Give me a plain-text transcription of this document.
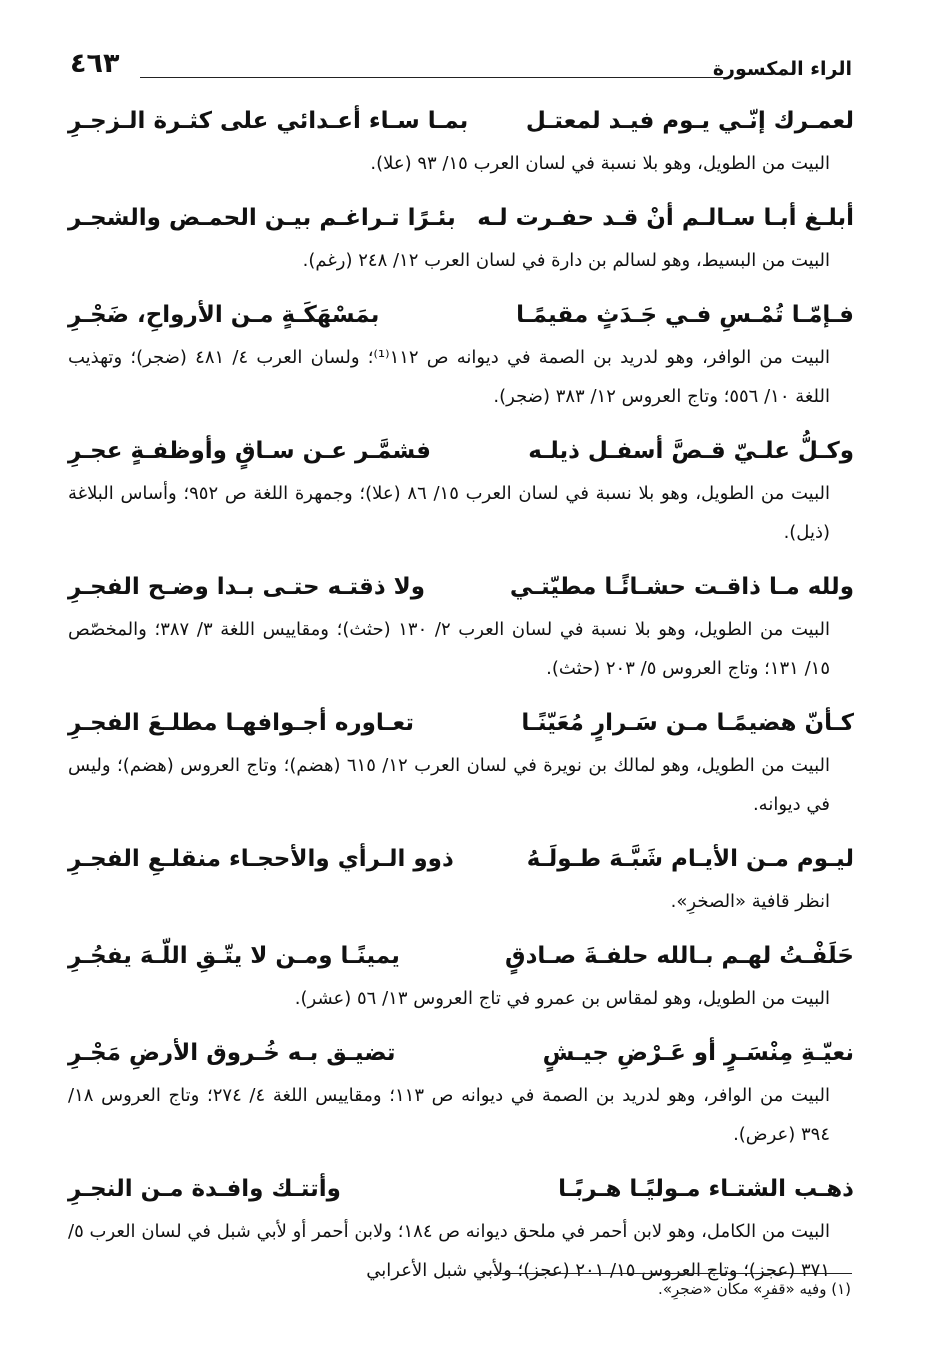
الراء المكسورة
٤٦٣
لعمـرك إنّـي يـوم فيـد لمعتـل
بمـا سـاء أعـدائي على كثـرة الـزجـرِ
البيت من الطويل، وهو بلا نسبة في لسان العرب ١٥/ ٩٣ (علا).
أبلـغ أبـا سـالـم أنْ قـد حفـرت لـه
بئـرًا تـراغـم بيـن الحمـض والشجـر
البيت من البسيط، وهو لسالم بن دارة في لسان العرب ١٢/ ٢٤٨ (رغم).
فـإمّـا تُمْـسِ فـي جَـدَثٍ مقيمًـا
بمَسْهَكَـةٍ مـن الأرواحِ، ضَجْـرِ
البيت من الوافر، وهو لدريد بن الصمة في ديوانه ص ١١٢⁽¹⁾؛ ولسان العرب ٤/ ٤٨١ (ضجر)؛ وتهذيب اللغة ١٠/ ٥٥٦؛ وتاج العروس ١٢/ ٣٨٣ (ضجر).
وكـلُّ علـيّ قـصَّ أسفـل ذيلـه
فشمَّـر عـن سـاقٍ وأوظفـةٍ عجـرِ
البيت من الطويل، وهو بلا نسبة في لسان العرب ١٥/ ٨٦ (علا)؛ وجمهرة اللغة ص ٩٥٢؛ وأساس البلاغة (ذيل).
ولله مـا ذاقـت حشـائًـا مطيّتـي
ولا ذقتـه حتـى بـدا وضـح الفجـرِ
البيت من الطويل، وهو بلا نسبة في لسان العرب ٢/ ١٣٠ (حثث)؛ ومقاييس اللغة ٣/ ٣٨٧؛ والمخصّص ١٥/ ١٣١؛ وتاج العروس ٥/ ٢٠٣ (حثث).
كـأنّ هضيمًـا مـن سَـرارٍ مُعَيّنًـا
تعـاوره أجـوافهـا مطلـعَ الفجـرِ
البيت من الطويل، وهو لمالك بن نويرة في لسان العرب ١٢/ ٦١٥ (هضم)؛ وتاج العروس (هضم)؛ وليس في ديوانه.
ليـوم مـن الأيـام شَبَّـهَ طـولَـهُ
ذوو الـرأي والأحجـاء منقلـعِ الفجـرِ
انظر قافية «الصخرِ».
حَلَفْـتُ لهـم بـالله حلفـةَ صـادقٍ
يمينًـا ومـن لا يتّـقِ اللّـهَ يفجُـرِ
البيت من الطويل، وهو لمقاس بن عمرو في تاج العروس ١٣/ ٥٦ (عشر).
نعيّـةِ مِنْسَـرٍ أو عَـرْضِ جيـشٍ
تضيـق بـه خُـروق الأرضِ مَجْـرِ
البيت من الوافر، وهو لدريد بن الصمة في ديوانه ص ١١٣؛ ومقاييس اللغة ٤/ ٢٧٤؛ وتاج العروس ١٨/ ٣٩٤ (عرض).
ذهـب الشتـاء مـوليًـا هـربًـا
وأتتـك وافـدة مـن النجـرِ
البيت من الكامل، وهو لابن أحمر في ملحق ديوانه ص ١٨٤؛ ولابن أحمر أو لأبي شبل في لسان العرب ٥/ ٣٧١ (عجز)؛ وتاج العروس ١٥/ ٢٠١ (عجز)؛ ولأبي شبل الأعرابي
(١) وفيه «قفرِ» مكان «ضجرِ».
